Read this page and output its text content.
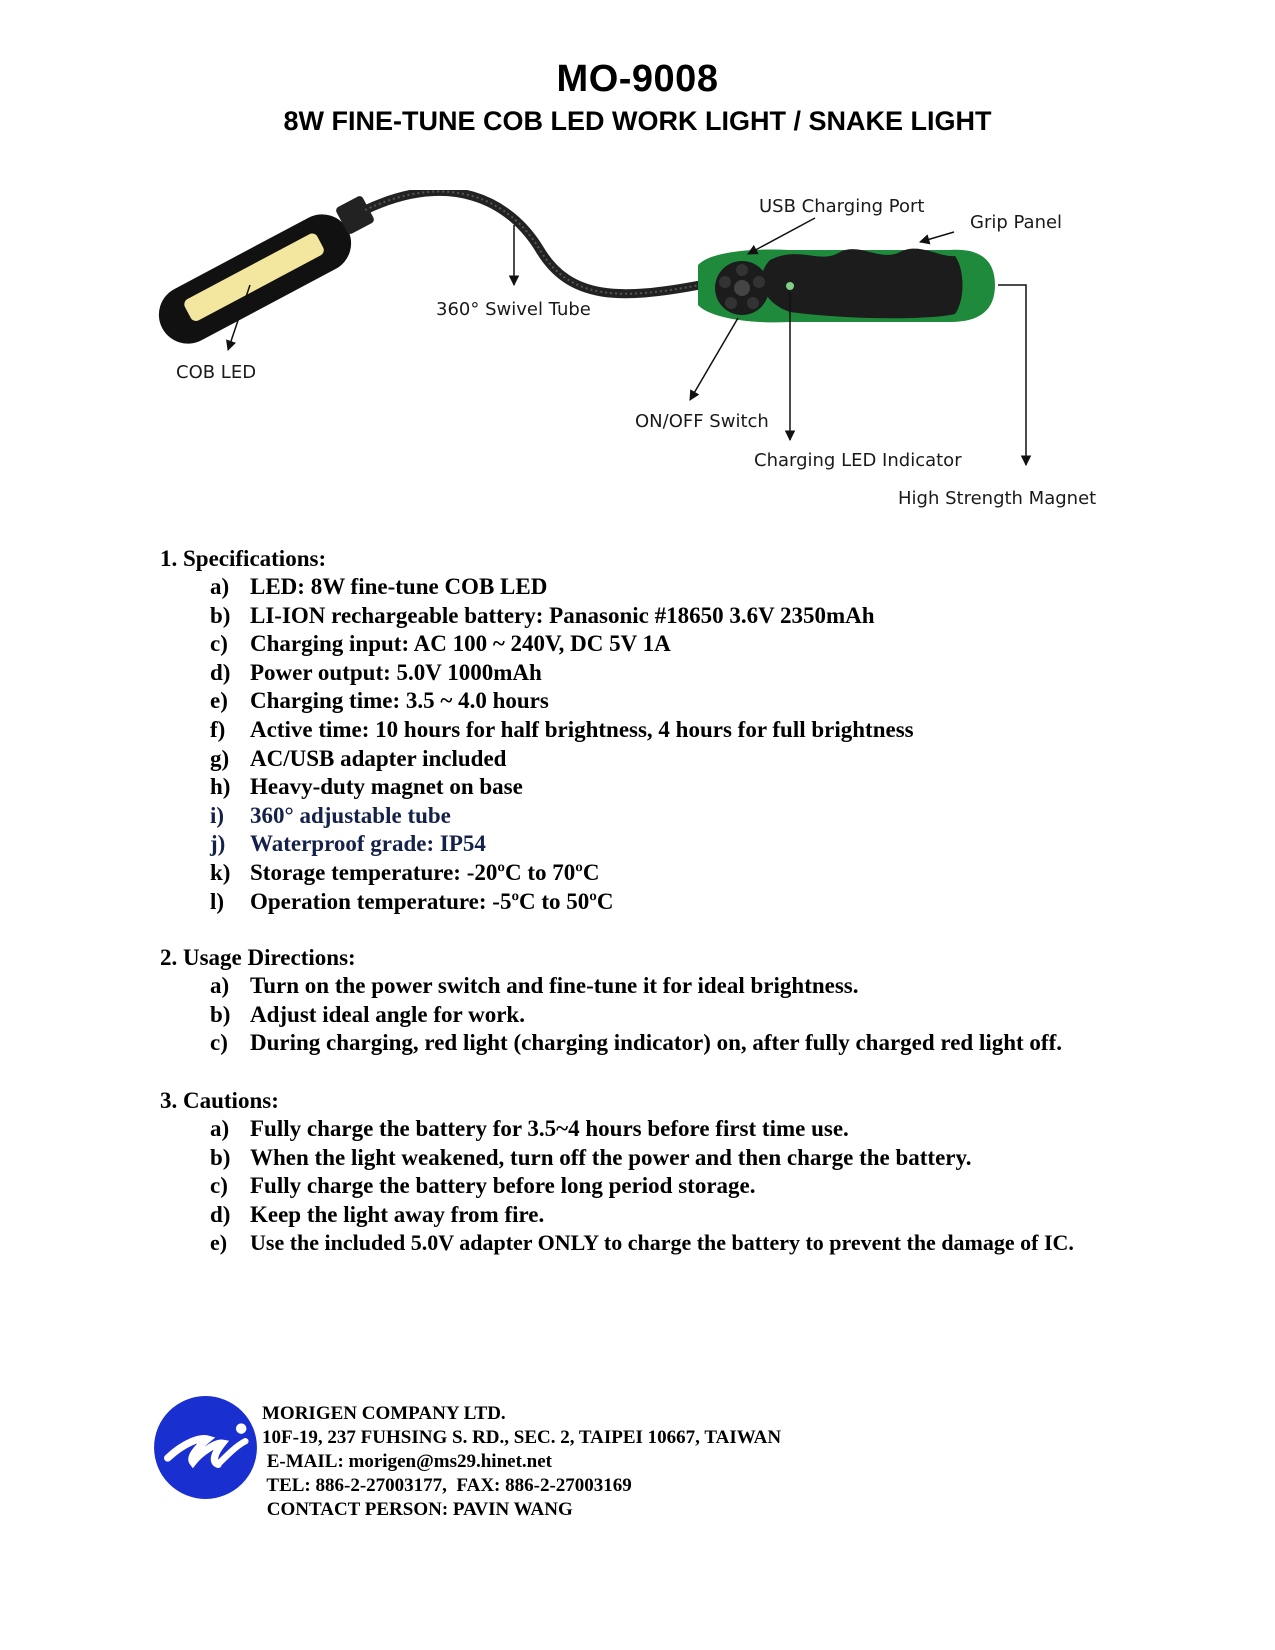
MO-9008
8W FINE-TUNE COB LED WORK LIGHT / SNAKE LIGHT
USB Charging Port
Grip Panel
360° Swivel Tube
COB LED
ON/OFF Switch
Charging LED Indicator
High Strength Magnet
1. Specifications:
a) LED: 8W fine-tune COB LED
b) LI-ION rechargeable battery: Panasonic #18650 3.6V 2350mAh
c) Charging input: AC 100 ~ 240V, DC 5V 1A
d) Power output: 5.0V 1000mAh
e) Charging time: 3.5 ~ 4.0 hours
f)	Active time: 10 hours for half brightness, 4 hours for full brightness
g) AC/USB adapter included
h) Heavy-duty magnet on base
i)	360° adjustable tube
j)	Waterproof grade: IP54
k) Storage temperature: -20ºC to 70ºC
l)	Operation temperature: -5ºC to 50ºC
2. Usage Directions:
a) Turn on the power switch and fine-tune it for ideal brightness.
b) Adjust ideal angle for work.
c) During charging, red light (charging indicator) on, after fully charged red light off.
3. Cautions:
a) Fully charge the battery for 3.5~4 hours before first time use.
b) When the light weakened, turn off the power and then charge the battery.
c) Fully charge the battery before long period storage.
d) Keep the light away from fire.
e)	Use the included 5.0V adapter ONLY to charge the battery to prevent the damage of IC.
MORIGEN COMPANY LTD.
10F-19, 237 FUHSING S. RD., SEC. 2, TAIPEI 10667, TAIWAN
E-MAIL: morigen@ms29.hinet.net
TEL: 886-2-27003177,  FAX: 886-2-27003169
CONTACT PERSON: PAVIN WANG
